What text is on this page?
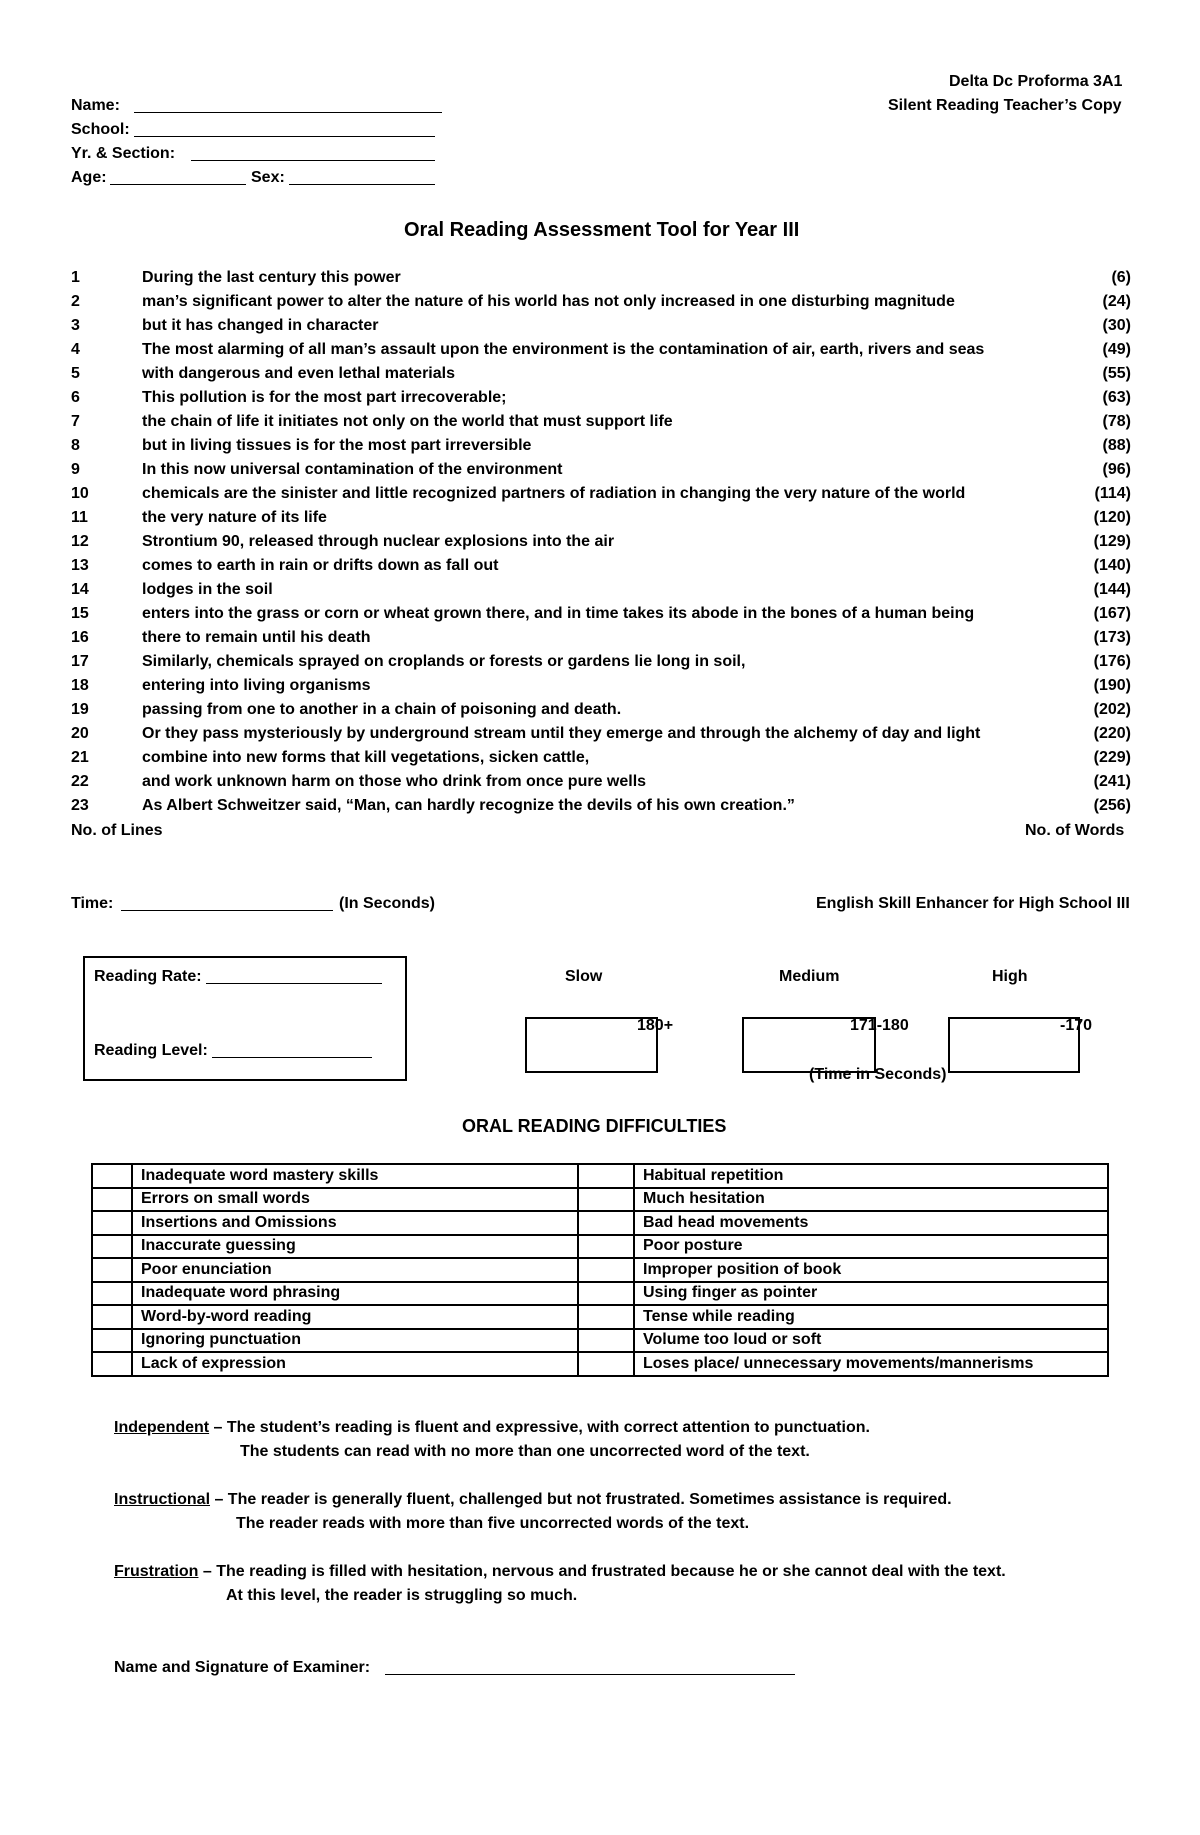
Delta Dc Proforma 3A1
Silent Reading Teacher’s Copy
Name:
School:
Yr. & Section:
Age:	Sex:
Oral Reading Assessment Tool for Year III
1	During the last century this power	(6)
2	man’s significant power to alter the nature of his world has not only increased in one disturbing magnitude	(24)
3	but it has changed in character	(30)
4	The most alarming of all man’s assault upon the environment is the contamination of air, earth, rivers and seas	(49)
5	with dangerous and even lethal materials	(55)
6	This pollution is for the most part irrecoverable;	(63)
7	the chain of life it initiates not only on the world that must support life	(78)
8	but in living tissues is for the most part irreversible	(88)
9	In this now universal contamination of the environment	(96)
10	chemicals are the sinister and little recognized partners of radiation in changing the very nature of the world	(114)
11	the very nature of its life	(120)
12	Strontium 90, released through nuclear explosions into the air	(129)
13	comes to earth in rain or drifts down as fall out	(140)
14	lodges in the soil	(144)
15	enters into the grass or corn or wheat grown there, and in time takes its abode in the bones of a human being	(167)
16	there to remain until his death	(173)
17	Similarly, chemicals sprayed on croplands or forests or gardens lie long in soil,	(176)
18	entering into living organisms	(190)
19	passing from one to another in a chain of poisoning and death.	(202)
20	Or they pass mysteriously by underground stream until they emerge and through the alchemy of day and light	(220)
21	combine into new forms that kill vegetations, sicken cattle,	(229)
22	and work unknown harm on those who drink from once pure wells	(241)
23	As Albert Schweitzer said, “Man, can hardly recognize the devils of his own creation.”	(256)
No. of Lines	No. of Words
Time:	(In Seconds)	English Skill Enhancer for High School III
Reading Rate:
Reading Level:
Slow	Medium	High
180+	171-180	-170
(Time in Seconds)
ORAL READING DIFFICULTIES
	Inadequate word mastery skills		Habitual repetition
	Errors on small words		Much hesitation
	Insertions and Omissions		Bad head movements
	Inaccurate guessing		Poor posture
	Poor enunciation		Improper position of book
	Inadequate word phrasing		Using finger as pointer
	Word-by-word reading		Tense while reading
	Ignoring punctuation		Volume too loud or soft
	Lack of expression		Loses place/ unnecessary movements/mannerisms
Independent – The student’s reading is fluent and expressive, with correct attention to punctuation.
The students can read with no more than one uncorrected word of the text.
Instructional – The reader is generally fluent, challenged but not frustrated. Sometimes assistance is required.
The reader reads with more than five uncorrected words of the text.
Frustration – The reading is filled with hesitation, nervous and frustrated because he or she cannot deal with the text.
At this level, the reader is struggling so much.
Name and Signature of Examiner:
